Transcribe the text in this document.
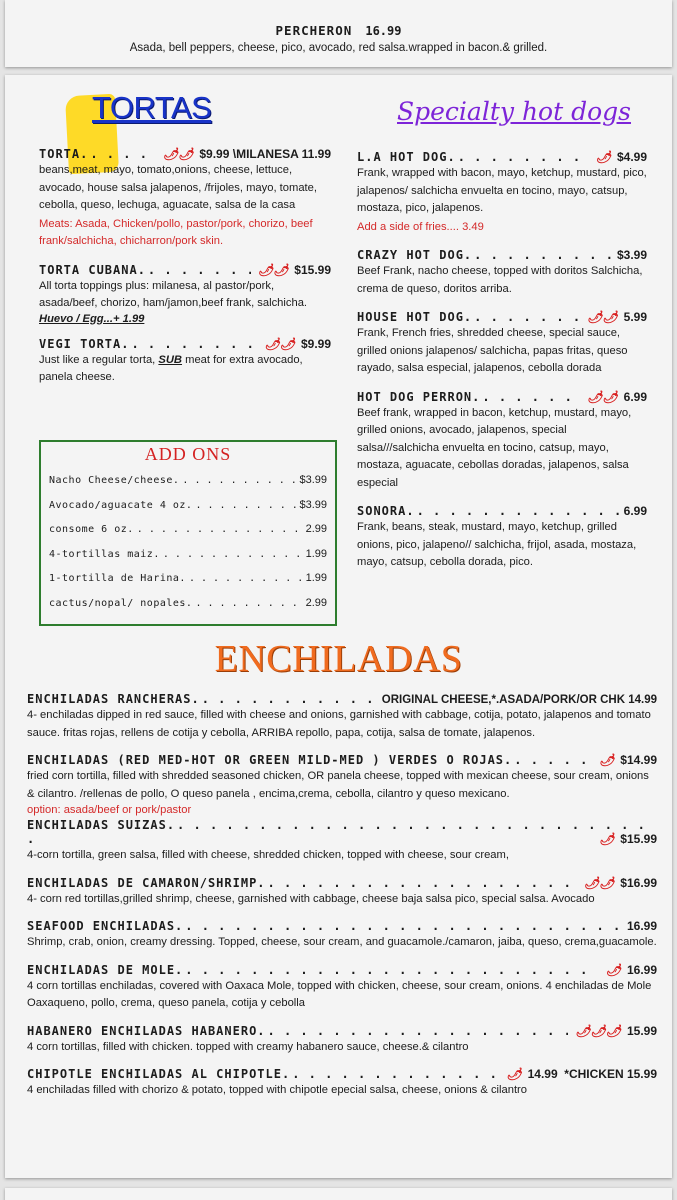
PERCHERON 16.99
Asada, bell peppers, cheese, pico, avocado, red salsa.wrapped in bacon.& grilled.
TORTAS	Specialty hot dogs
TORTA. . . .	🌶🌶 $9.99 \MILANESA 11.99
beans,meat, mayo, tomato,onions, cheese, lettuce, avocado, house salsa jalapenos, /frijoles, mayo, tomate, cebolla, queso, lechuga, aguacate, salsa de la casa
Meats: Asada, Chicken/pollo, pastor/pork, chorizo, beef frank/salchicha, chicharron/pork skin.
TORTA CUBANA. . . .	🌶🌶 $15.99
All torta toppings plus: milanesa, al pastor/pork, asada/beef, chorizo, ham/jamon,beef frank, salchicha.
Huevo / Egg...+ 1.99
VEGI TORTA. . . .	🌶🌶 $9.99
Just like a regular torta, SUB meat for extra avocado, panela cheese.
ADD ONS
Nacho Cheese/cheese. . . .	$3.99
Avocado/aguacate 4 oz. . . .	$3.99
consome 6 oz. . . .	2.99
4-tortillas maiz. . . .	1.99
1-tortilla de Harina. . . .	1.99
cactus/nopal/ nopales. . . .	2.99
L.A HOT DOG. . . .	🌶 $4.99
Frank, wrapped with bacon, mayo, ketchup, mustard, pico, jalapenos/ salchicha envuelta en tocino, mayo, catsup, mostaza, pico, jalapenos.
Add a side of fries.... 3.49
CRAZY HOT DOG. . . .	$3.99
Beef Frank, nacho cheese, topped with doritos Salchicha, crema de queso, doritos arriba.
HOUSE HOT DOG. . . .	🌶🌶 5.99
Frank, French fries, shredded cheese, special sauce, grilled onions jalapenos/ salchicha, papas fritas, queso rayado, salsa especial, jalapenos, cebolla dorada
HOT DOG PERRON. . . .	🌶🌶 6.99
Beef frank, wrapped in bacon, ketchup, mustard, mayo, grilled onions, avocado, jalapenos, special salsa///salchicha envuelta en tocino, catsup, mayo, mostaza, aguacate, cebollas doradas, jalapenos, salsa especial
SONORA. . . .	6.99
Frank, beans, steak, mustard, mayo, ketchup, grilled onions, pico, jalapeno// salchicha, frijol, asada, mostaza, mayo, catsup, cebolla dorada, pico.
ENCHILADAS
ENCHILADAS RANCHERAS. . . .	ORIGINAL CHEESE,*.ASADA/PORK/OR CHK 14.99
4- enchiladas dipped in red sauce, filled with cheese and onions, garnished with cabbage, cotija, potato, jalapenos and tomato sauce. fritas rojas, rellens de cotija y cebolla, ARRIBA repollo, papa, cotija, salsa de tomate, jalapenos.
ENCHILADAS (RED MED-HOT OR GREEN MILD-MED ) VERDES O ROJAS. . . .	🌶 $14.99
fried corn tortilla, filled with shredded seasoned chicken, OR panela cheese, topped with mexican cheese, sour cream, onions & cilantro. /rellenas de pollo, O queso panela , encima,crema, cebolla, cilantro y queso mexicano.
option: asada/beef or pork/pastor
ENCHILADAS SUIZAS.
. . .
.	🌶 $15.99
4-corn tortilla, green salsa, filled with cheese, shredded chicken, topped with cheese, sour cream,
ENCHILADAS DE CAMARON/SHRIMP. . . .	🌶🌶 $16.99
4- corn red tortillas,grilled shrimp, cheese, garnished with cabbage, cheese baja salsa pico, special salsa. Avocado
SEAFOOD ENCHILADAS. . . .	16.99
Shrimp, crab, onion, creamy dressing. Topped, cheese, sour cream, and guacamole./camaron, jaiba, queso, crema,guacamole.
ENCHILADAS DE MOLE. . . .	🌶 16.99
4 corn tortillas enchiladas, covered with Oaxaca Mole, topped with chicken, cheese, sour cream, onions. 4 enchiladas de Mole Oaxaqueno, pollo, crema, queso panela, cotija y cebolla
HABANERO ENCHILADAS HABANERO. . . .	🌶🌶🌶 15.99
4 corn tortillas, filled with chicken. topped with creamy habanero sauce, cheese.& cilantro
CHIPOTLE ENCHILADAS AL CHIPOTLE. . . .	🌶 14.99  *CHICKEN 15.99
4 enchiladas filled with chorizo & potato, topped with chipotle epecial salsa, cheese, onions & cilantro
